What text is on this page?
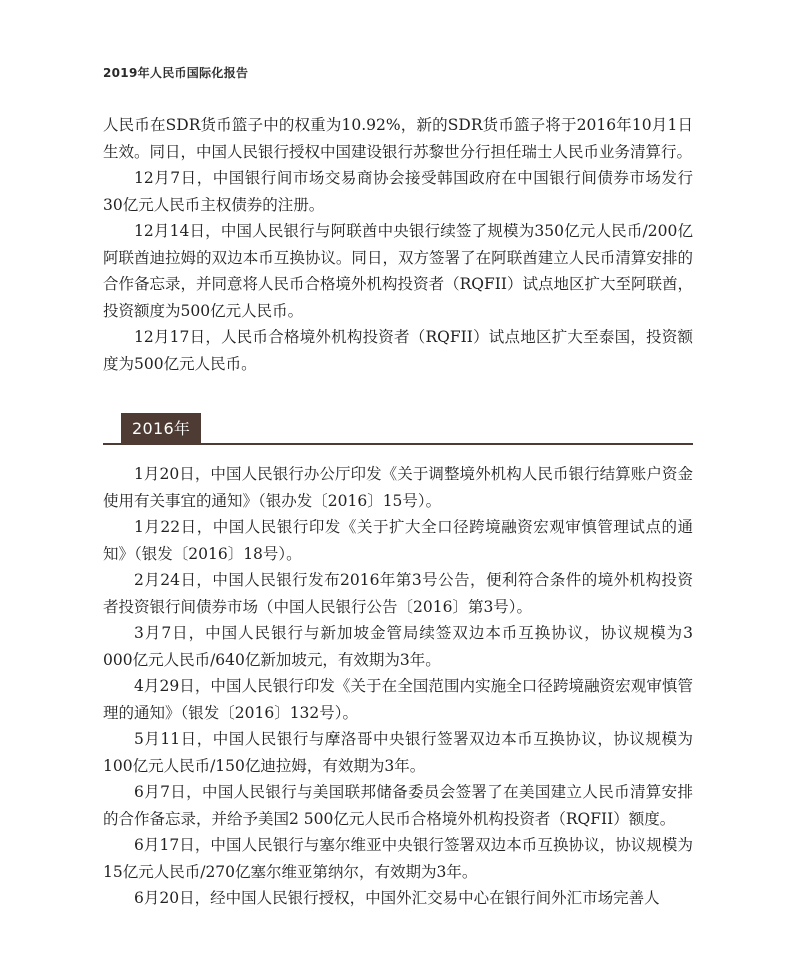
2019年人民币国际化报告

人民币在SDR货币篮子中的权重为10.92%，新的SDR货币篮子将于2016年10月1日生效。同日，中国人民银行授权中国建设银行苏黎世分行担任瑞士人民币业务清算行。

12月7日，中国银行间市场交易商协会接受韩国政府在中国银行间债券市场发行30亿元人民币主权债券的注册。

12月14日，中国人民银行与阿联酋中央银行续签了规模为350亿元人民币/200亿阿联酋迪拉姆的双边本币互换协议。同日，双方签署了在阿联酋建立人民币清算安排的合作备忘录，并同意将人民币合格境外机构投资者（RQFII）试点地区扩大至阿联酋，投资额度为500亿元人民币。

12月17日，人民币合格境外机构投资者（RQFII）试点地区扩大至泰国，投资额度为500亿元人民币。

2016年

1月20日，中国人民银行办公厅印发《关于调整境外机构人民币银行结算账户资金使用有关事宜的通知》（银办发〔2016〕15号）。

1月22日，中国人民银行印发《关于扩大全口径跨境融资宏观审慎管理试点的通知》（银发〔2016〕18号）。

2月24日，中国人民银行发布2016年第3号公告，便利符合条件的境外机构投资者投资银行间债券市场（中国人民银行公告〔2016〕第3号）。

3月7日，中国人民银行与新加坡金管局续签双边本币互换协议，协议规模为3 000亿元人民币/640亿新加坡元，有效期为3年。

4月29日，中国人民银行印发《关于在全国范围内实施全口径跨境融资宏观审慎管理的通知》（银发〔2016〕132号）。

5月11日，中国人民银行与摩洛哥中央银行签署双边本币互换协议，协议规模为100亿元人民币/150亿迪拉姆，有效期为3年。

6月7日，中国人民银行与美国联邦储备委员会签署了在美国建立人民币清算安排的合作备忘录，并给予美国2 500亿元人民币合格境外机构投资者（RQFII）额度。

6月17日，中国人民银行与塞尔维亚中央银行签署双边本币互换协议，协议规模为15亿元人民币/270亿塞尔维亚第纳尔，有效期为3年。

6月20日，经中国人民银行授权，中国外汇交易中心在银行间外汇市场完善人
